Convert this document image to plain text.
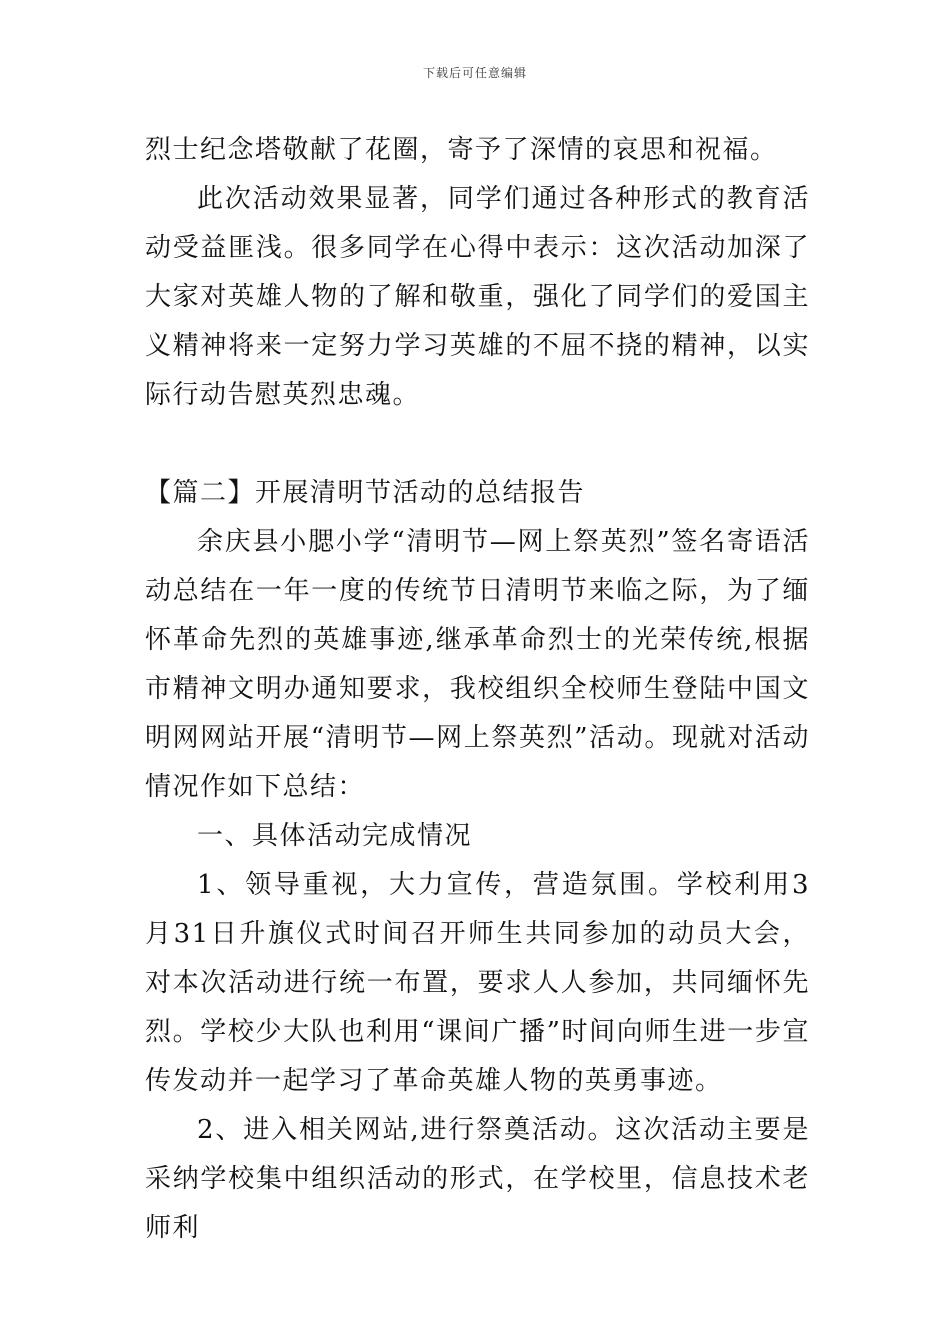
下载后可任意编辑

烈士纪念塔敬献了花圈，寄予了深情的哀思和祝福。

此次活动效果显著，同学们通过各种形式的教育活动受益匪浅。很多同学在心得中表示：这次活动加深了大家对英雄人物的了解和敬重，强化了同学们的爱国主义精神将来一定努力学习英雄的不屈不挠的精神，以实际行动告慰英烈忠魂。

【篇二】开展清明节活动的总结报告

余庆县小腮小学“清明节—网上祭英烈”签名寄语活动总结在一年一度的传统节日清明节来临之际，为了缅怀革命先烈的英雄事迹,继承革命烈士的光荣传统,根据市精神文明办通知要求，我校组织全校师生登陆中国文明网网站开展“清明节—网上祭英烈”活动。现就对活动情况作如下总结：

一、具体活动完成情况

1、领导重视，大力宣传，营造氛围。学校利用3月31日升旗仪式时间召开师生共同参加的动员大会，对本次活动进行统一布置，要求人人参加，共同缅怀先烈。学校少大队也利用“课间广播”时间向师生进一步宣传发动并一起学习了革命英雄人物的英勇事迹。

2、进入相关网站,进行祭奠活动。这次活动主要是采纳学校集中组织活动的形式，在学校里，信息技术老师利
